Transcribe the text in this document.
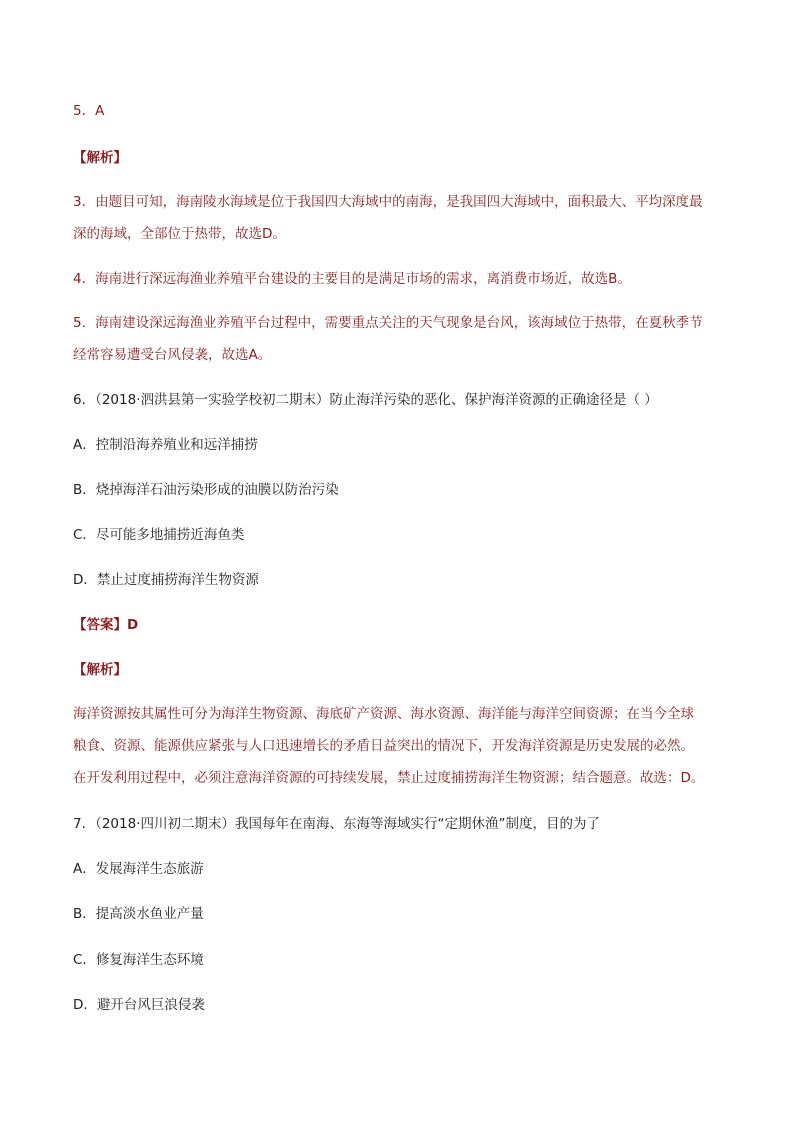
5．A

【解析】

3．由题目可知，海南陵水海域是位于我国四大海域中的南海，是我国四大海域中，面积最大、平均深度最

深的海域，全部位于热带，故选D。

4．海南进行深远海渔业养殖平台建设的主要目的是满足市场的需求，离消费市场近，故选B。

5．海南建设深远海渔业养殖平台过程中，需要重点关注的天气现象是台风，该海域位于热带，在夏秋季节

经常容易遭受台风侵袭，故选A。

6．（2018·泗洪县第一实验学校初二期末）防止海洋污染的恶化、保护海洋资源的正确途径是（ ）

A．控制沿海养殖业和远洋捕捞

B．烧掉海洋石油污染形成的油膜以防治污染

C．尽可能多地捕捞近海鱼类

D．禁止过度捕捞海洋生物资源

【答案】D

【解析】

海洋资源按其属性可分为海洋生物资源、海底矿产资源、海水资源、海洋能与海洋空间资源；在当今全球

粮食、资源、能源供应紧张与人口迅速增长的矛盾日益突出的情况下，开发海洋资源是历史发展的必然。

在开发利用过程中，必须注意海洋资源的可持续发展，禁止过度捕捞海洋生物资源；结合题意。故选：D。

7．（2018·四川初二期末）我国每年在南海、东海等海域实行“定期休渔”制度，目的为了

A．发展海洋生态旅游

B．提高淡水鱼业产量

C．修复海洋生态环境

D．避开台风巨浪侵袭
